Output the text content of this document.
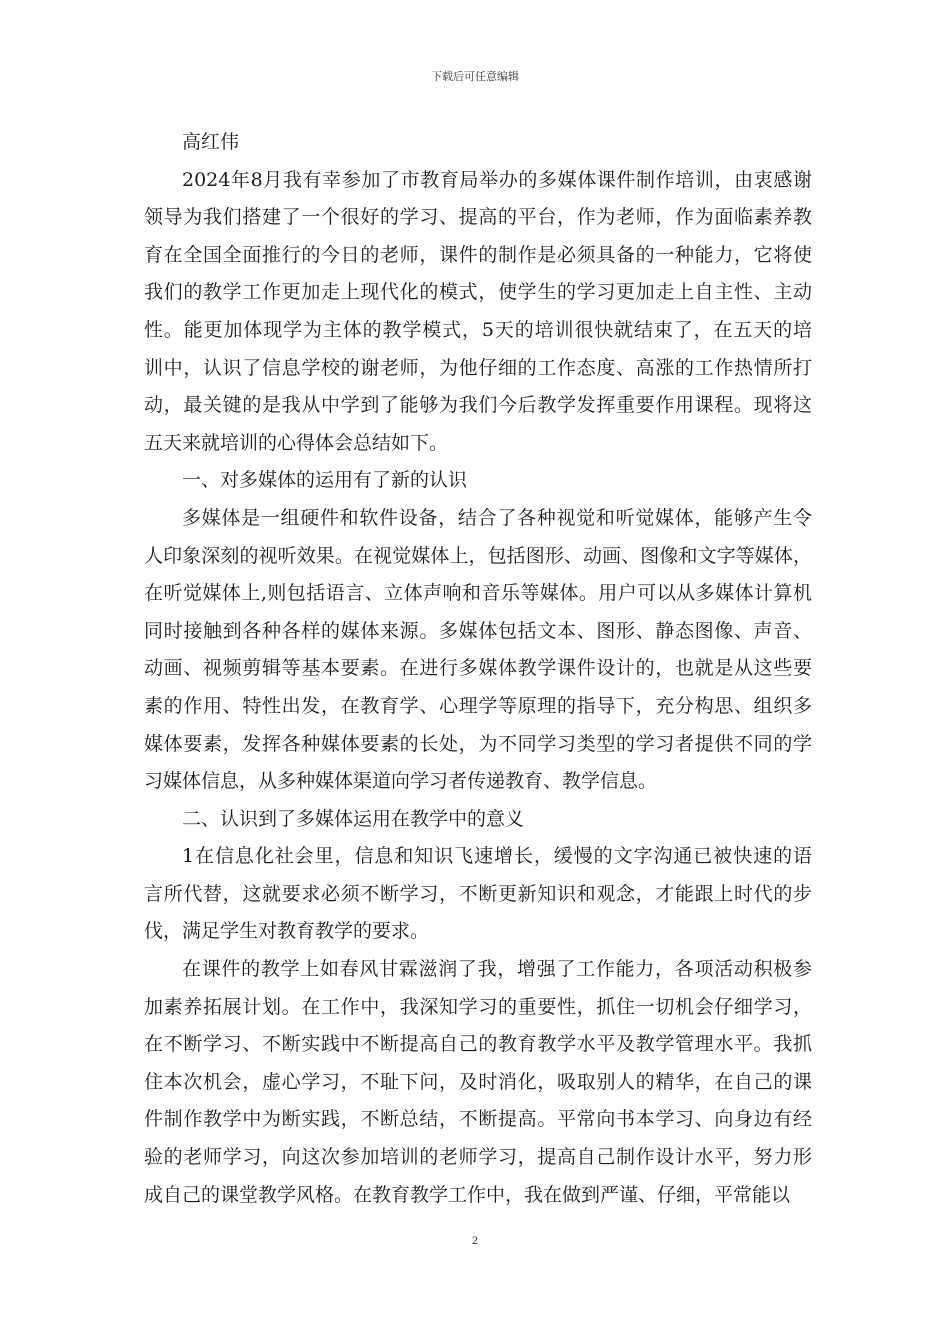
下载后可任意编辑
高红伟
2024年8月我有幸参加了市教育局举办的多媒体课件制作培训，由衷感谢
领导为我们搭建了一个很好的学习、提高的平台，作为老师，作为面临素养教
育在全国全面推行的今日的老师，课件的制作是必须具备的一种能力，它将使
我们的教学工作更加走上现代化的模式，使学生的学习更加走上自主性、主动
性。能更加体现学为主体的教学模式，5天的培训很快就结束了，在五天的培
训中，认识了信息学校的谢老师，为他仔细的工作态度、高涨的工作热情所打
动，最关键的是我从中学到了能够为我们今后教学发挥重要作用课程。现将这
五天来就培训的心得体会总结如下。
一、对多媒体的运用有了新的认识
多媒体是一组硬件和软件设备，结合了各种视觉和听觉媒体，能够产生令
人印象深刻的视听效果。在视觉媒体上，包括图形、动画、图像和文字等媒体，
在听觉媒体上,则包括语言、立体声响和音乐等媒体。用户可以从多媒体计算机
同时接触到各种各样的媒体来源。多媒体包括文本、图形、静态图像、声音、
动画、视频剪辑等基本要素。在进行多媒体教学课件设计的，也就是从这些要
素的作用、特性出发，在教育学、心理学等原理的指导下，充分构思、组织多
媒体要素，发挥各种媒体要素的长处，为不同学习类型的学习者提供不同的学
习媒体信息，从多种媒体渠道向学习者传递教育、教学信息。
二、认识到了多媒体运用在教学中的意义
1在信息化社会里，信息和知识飞速增长，缓慢的文字沟通已被快速的语
言所代替，这就要求必须不断学习，不断更新知识和观念，才能跟上时代的步
伐，满足学生对教育教学的要求。
在课件的教学上如春风甘霖滋润了我，增强了工作能力，各项活动积极参
加素养拓展计划。在工作中，我深知学习的重要性，抓住一切机会仔细学习，
在不断学习、不断实践中不断提高自己的教育教学水平及教学管理水平。我抓
住本次机会，虚心学习，不耻下问，及时消化，吸取别人的精华，在自己的课
件制作教学中为断实践，不断总结，不断提高。平常向书本学习、向身边有经
验的老师学习，向这次参加培训的老师学习，提高自己制作设计水平，努力形
成自己的课堂教学风格。在教育教学工作中，我在做到严谨、仔细，平常能以
2
